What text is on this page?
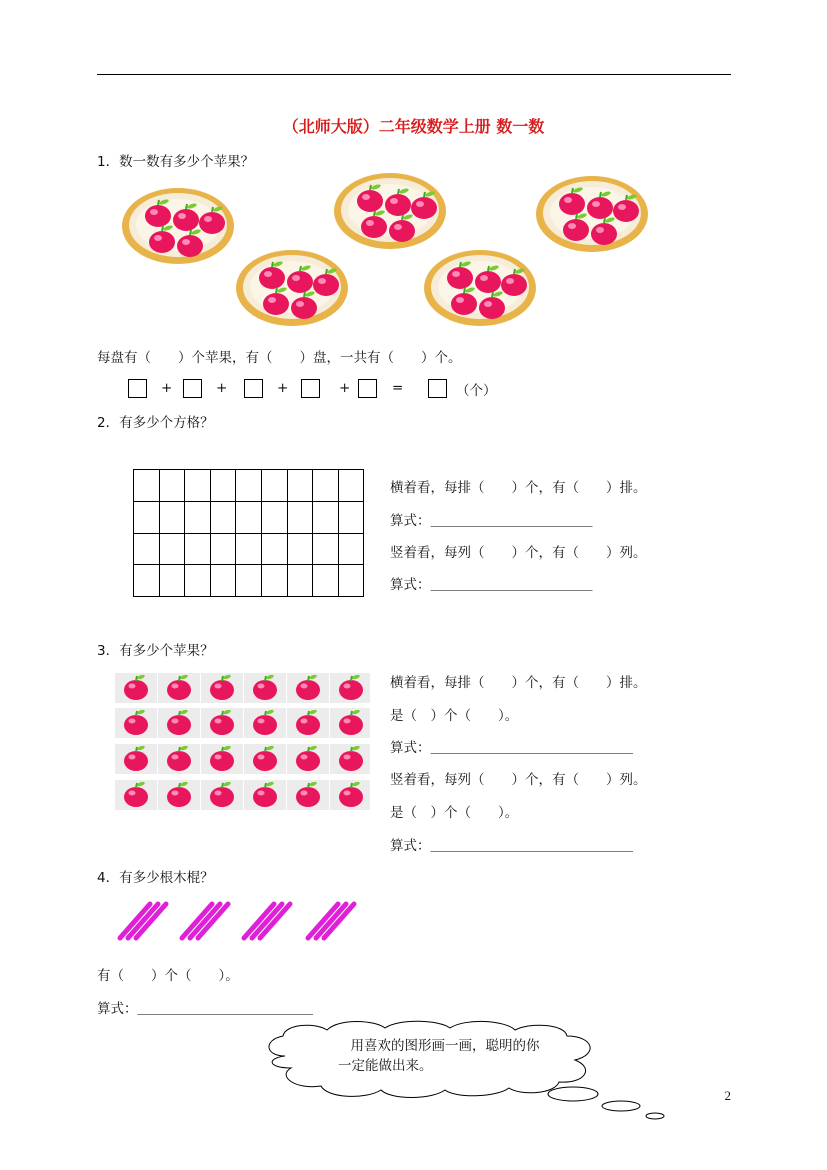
（北师大版）二年级数学上册 数一数
1．数一数有多少个苹果？
每盘有（　　）个苹果，有（　　）盘，一共有（　　）个。
+	+	+	+	=	（个）
2．有多少个方格？

横着看，每排（　　）个，有（　　）排。
算式：＿＿＿＿＿＿＿＿＿＿＿＿
竖着看，每列（　　）个，有（　　）列。
算式：＿＿＿＿＿＿＿＿＿＿＿＿
3．有多少个苹果？
横着看，每排（　　）个，有（　　）排。
是（　）个（　　）。
算式：＿＿＿＿＿＿＿＿＿＿＿＿＿＿＿
竖着看，每列（　　）个，有（　　）列。
是（　）个（　　）。
算式：＿＿＿＿＿＿＿＿＿＿＿＿＿＿＿
4．有多少根木棍？
有（　　）个（　　）。
算式：＿＿＿＿＿＿＿＿＿＿＿＿＿
用喜欢的图形画一画，聪明的你
一定能做出来。
2
